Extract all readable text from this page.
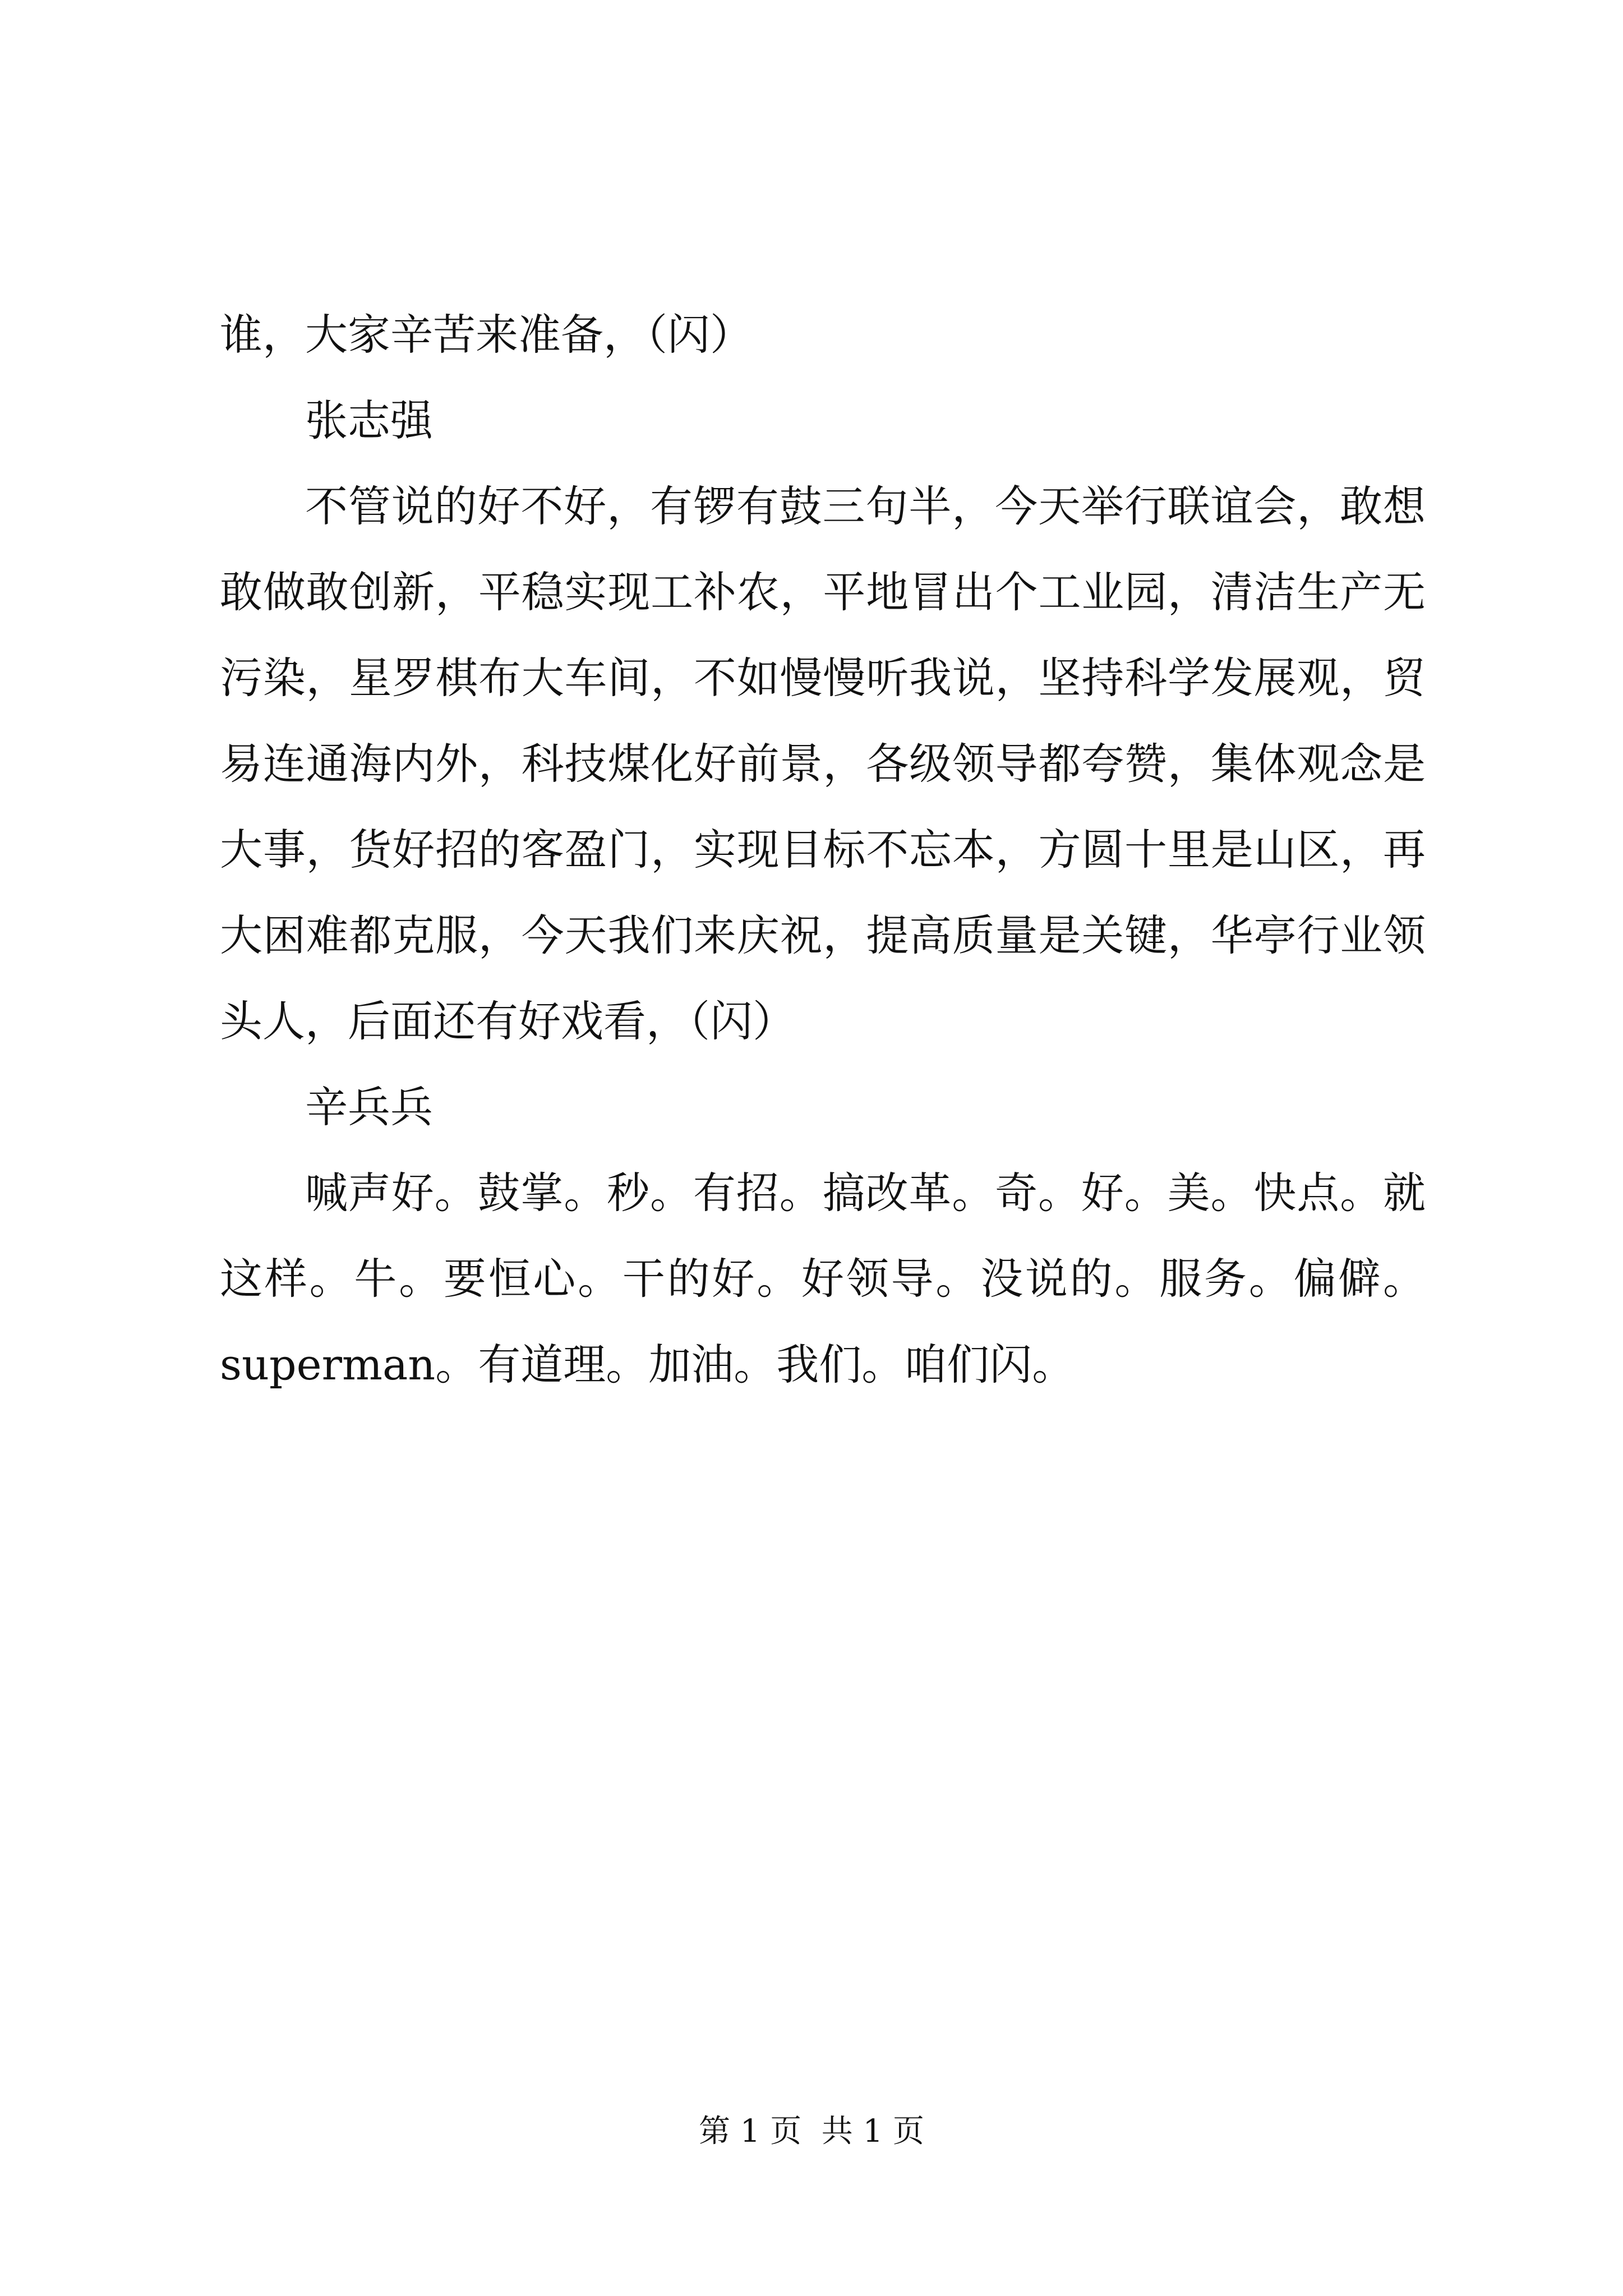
谁，大家辛苦来准备，（闪）

张志强

不管说的好不好，有锣有鼓三句半，今天举行联谊会，敢想敢做敢创新，平稳实现工补农，平地冒出个工业园，清洁生产无污染，星罗棋布大车间，不如慢慢听我说，坚持科学发展观，贸易连通海内外，科技煤化好前景，各级领导都夸赞，集体观念是大事，货好招的客盈门，实现目标不忘本，方圆十里是山区，再大困难都克服，今天我们来庆祝，提高质量是关键，华亭行业领头人，后面还有好戏看，（闪）

辛兵兵

喊声好。鼓掌。秒。有招。搞改革。奇。好。美。快点。就这样。牛。要恒心。干的好。好领导。没说的。服务。偏僻。superman。有道理。加油。我们。咱们闪。

第 1 页  共 1 页
